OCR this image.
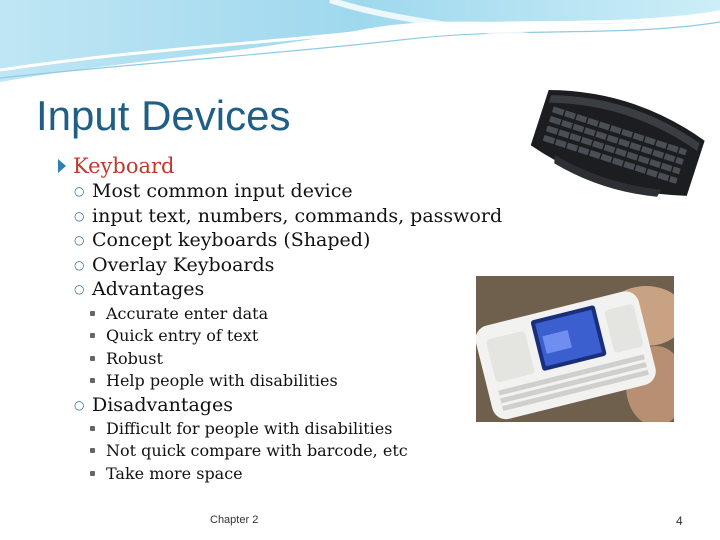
Input Devices
Keyboard
○ Most common input device
○ input text, numbers, commands, password
○ Concept keyboards (Shaped)
○ Overlay Keyboards
○ Advantages
Accurate enter data
Quick entry of text
Robust
Help people with disabilities
○ Disadvantages
Difficult for people with disabilities
Not quick compare with barcode, etc
Take more space
Chapter 2	4
